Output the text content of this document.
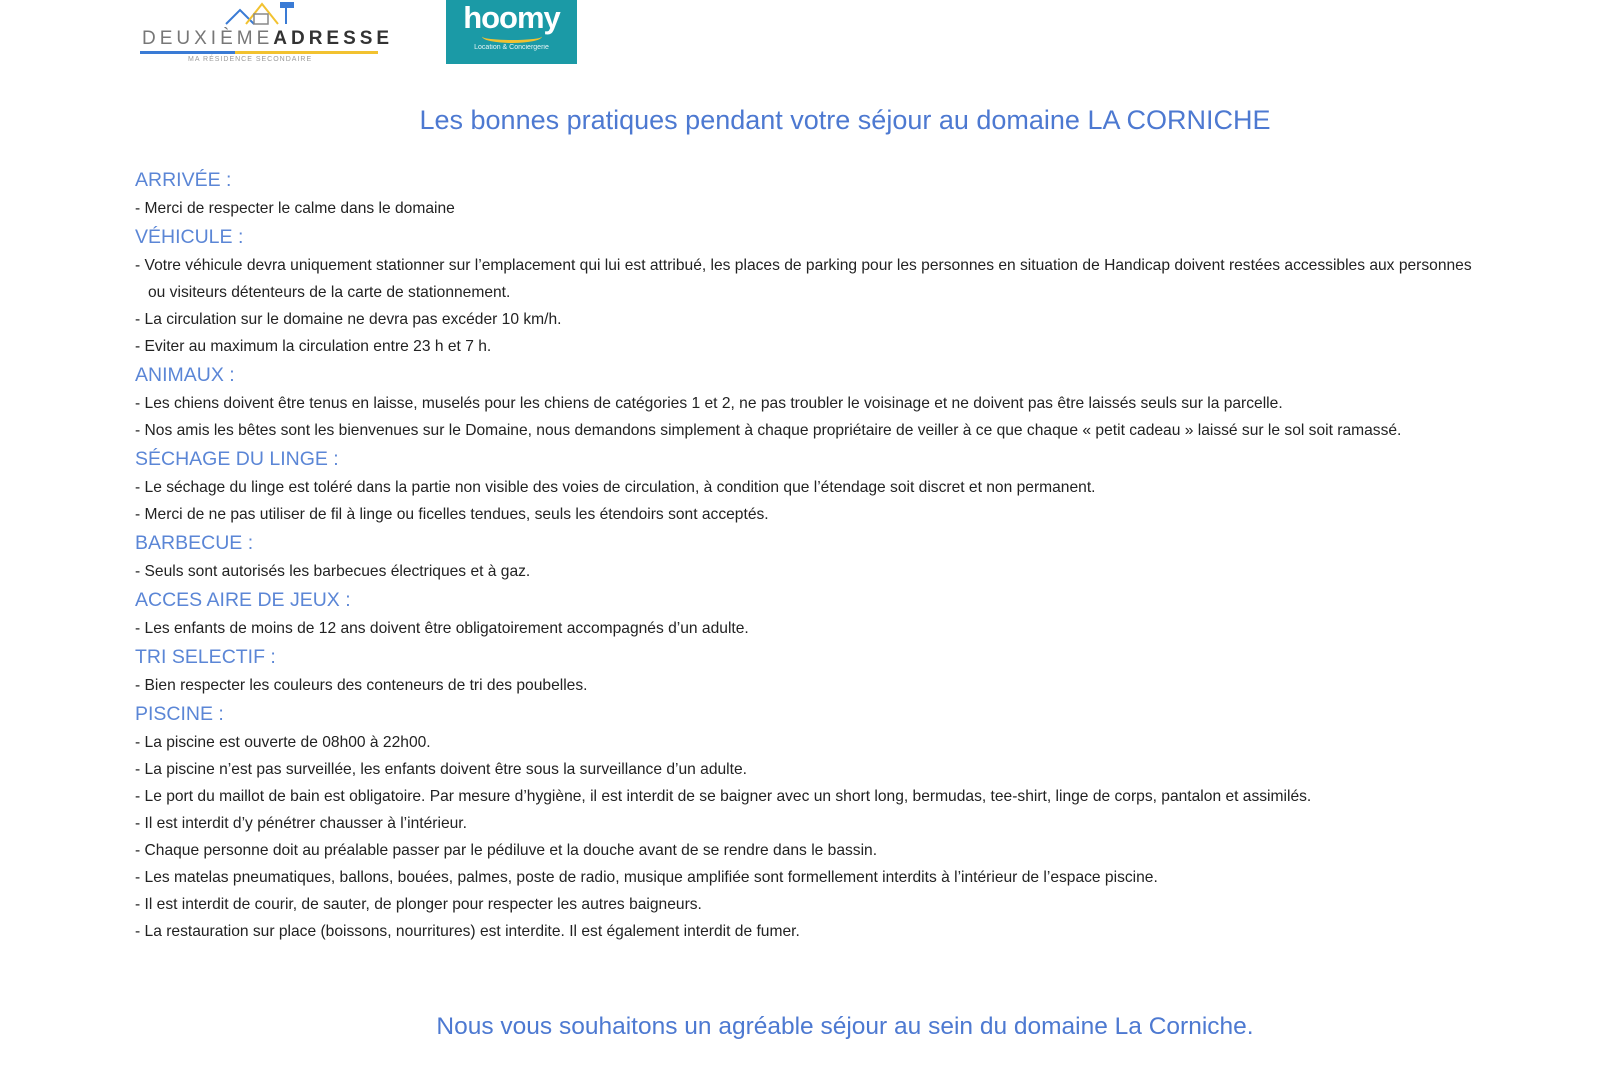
DEUXIÈMEADRESSE
MA RÉSIDENCE SECONDAIRE
hoomy
Location & Conciergerie
Les bonnes pratiques pendant votre séjour au domaine LA CORNICHE
ARRIVÉE :
- Merci de respecter le calme dans le domaine
VÉHICULE :
- Votre véhicule devra uniquement stationner sur l’emplacement qui lui est attribué, les places de parking pour les personnes en situation de Handicap doivent restées accessibles aux personnes ou visiteurs détenteurs de la carte de stationnement.
- La circulation sur le domaine ne devra pas excéder 10 km/h.
- Eviter au maximum la circulation entre 23 h et 7 h.
ANIMAUX :
- Les chiens doivent être tenus en laisse, muselés pour les chiens de catégories 1 et 2, ne pas troubler le voisinage et ne doivent pas être laissés seuls sur la parcelle.
- Nos amis les bêtes sont les bienvenues sur le Domaine, nous demandons simplement à chaque propriétaire de veiller à ce que chaque « petit cadeau » laissé sur le sol soit ramassé.
SÉCHAGE DU LINGE :
- Le séchage du linge est toléré dans la partie non visible des voies de circulation, à condition que l’étendage soit discret et non permanent.
- Merci de ne pas utiliser de fil à linge ou ficelles tendues, seuls les étendoirs sont acceptés.
BARBECUE :
- Seuls sont autorisés les barbecues électriques et à gaz.
ACCES AIRE DE JEUX :
- Les enfants de moins de 12 ans doivent être obligatoirement accompagnés d’un adulte.
TRI SELECTIF :
- Bien respecter les couleurs des conteneurs de tri des poubelles.
PISCINE :
- La piscine est ouverte de 08h00 à 22h00.
- La piscine n’est pas surveillée, les enfants doivent être sous la surveillance d’un adulte.
- Le port du maillot de bain est obligatoire. Par mesure d’hygiène, il est interdit de se baigner avec un short long, bermudas, tee-shirt, linge de corps, pantalon et assimilés.
- Il est interdit d’y pénétrer chausser à l’intérieur.
- Chaque personne doit au préalable passer par le pédiluve et la douche avant de se rendre dans le bassin.
- Les matelas pneumatiques, ballons, bouées, palmes, poste de radio, musique amplifiée sont formellement interdits à l’intérieur de l’espace piscine.
- Il est interdit de courir, de sauter, de plonger pour respecter les autres baigneurs.
- La restauration sur place (boissons, nourritures) est interdite. Il est également interdit de fumer.
Nous vous souhaitons un agréable séjour au sein du domaine La Corniche.
